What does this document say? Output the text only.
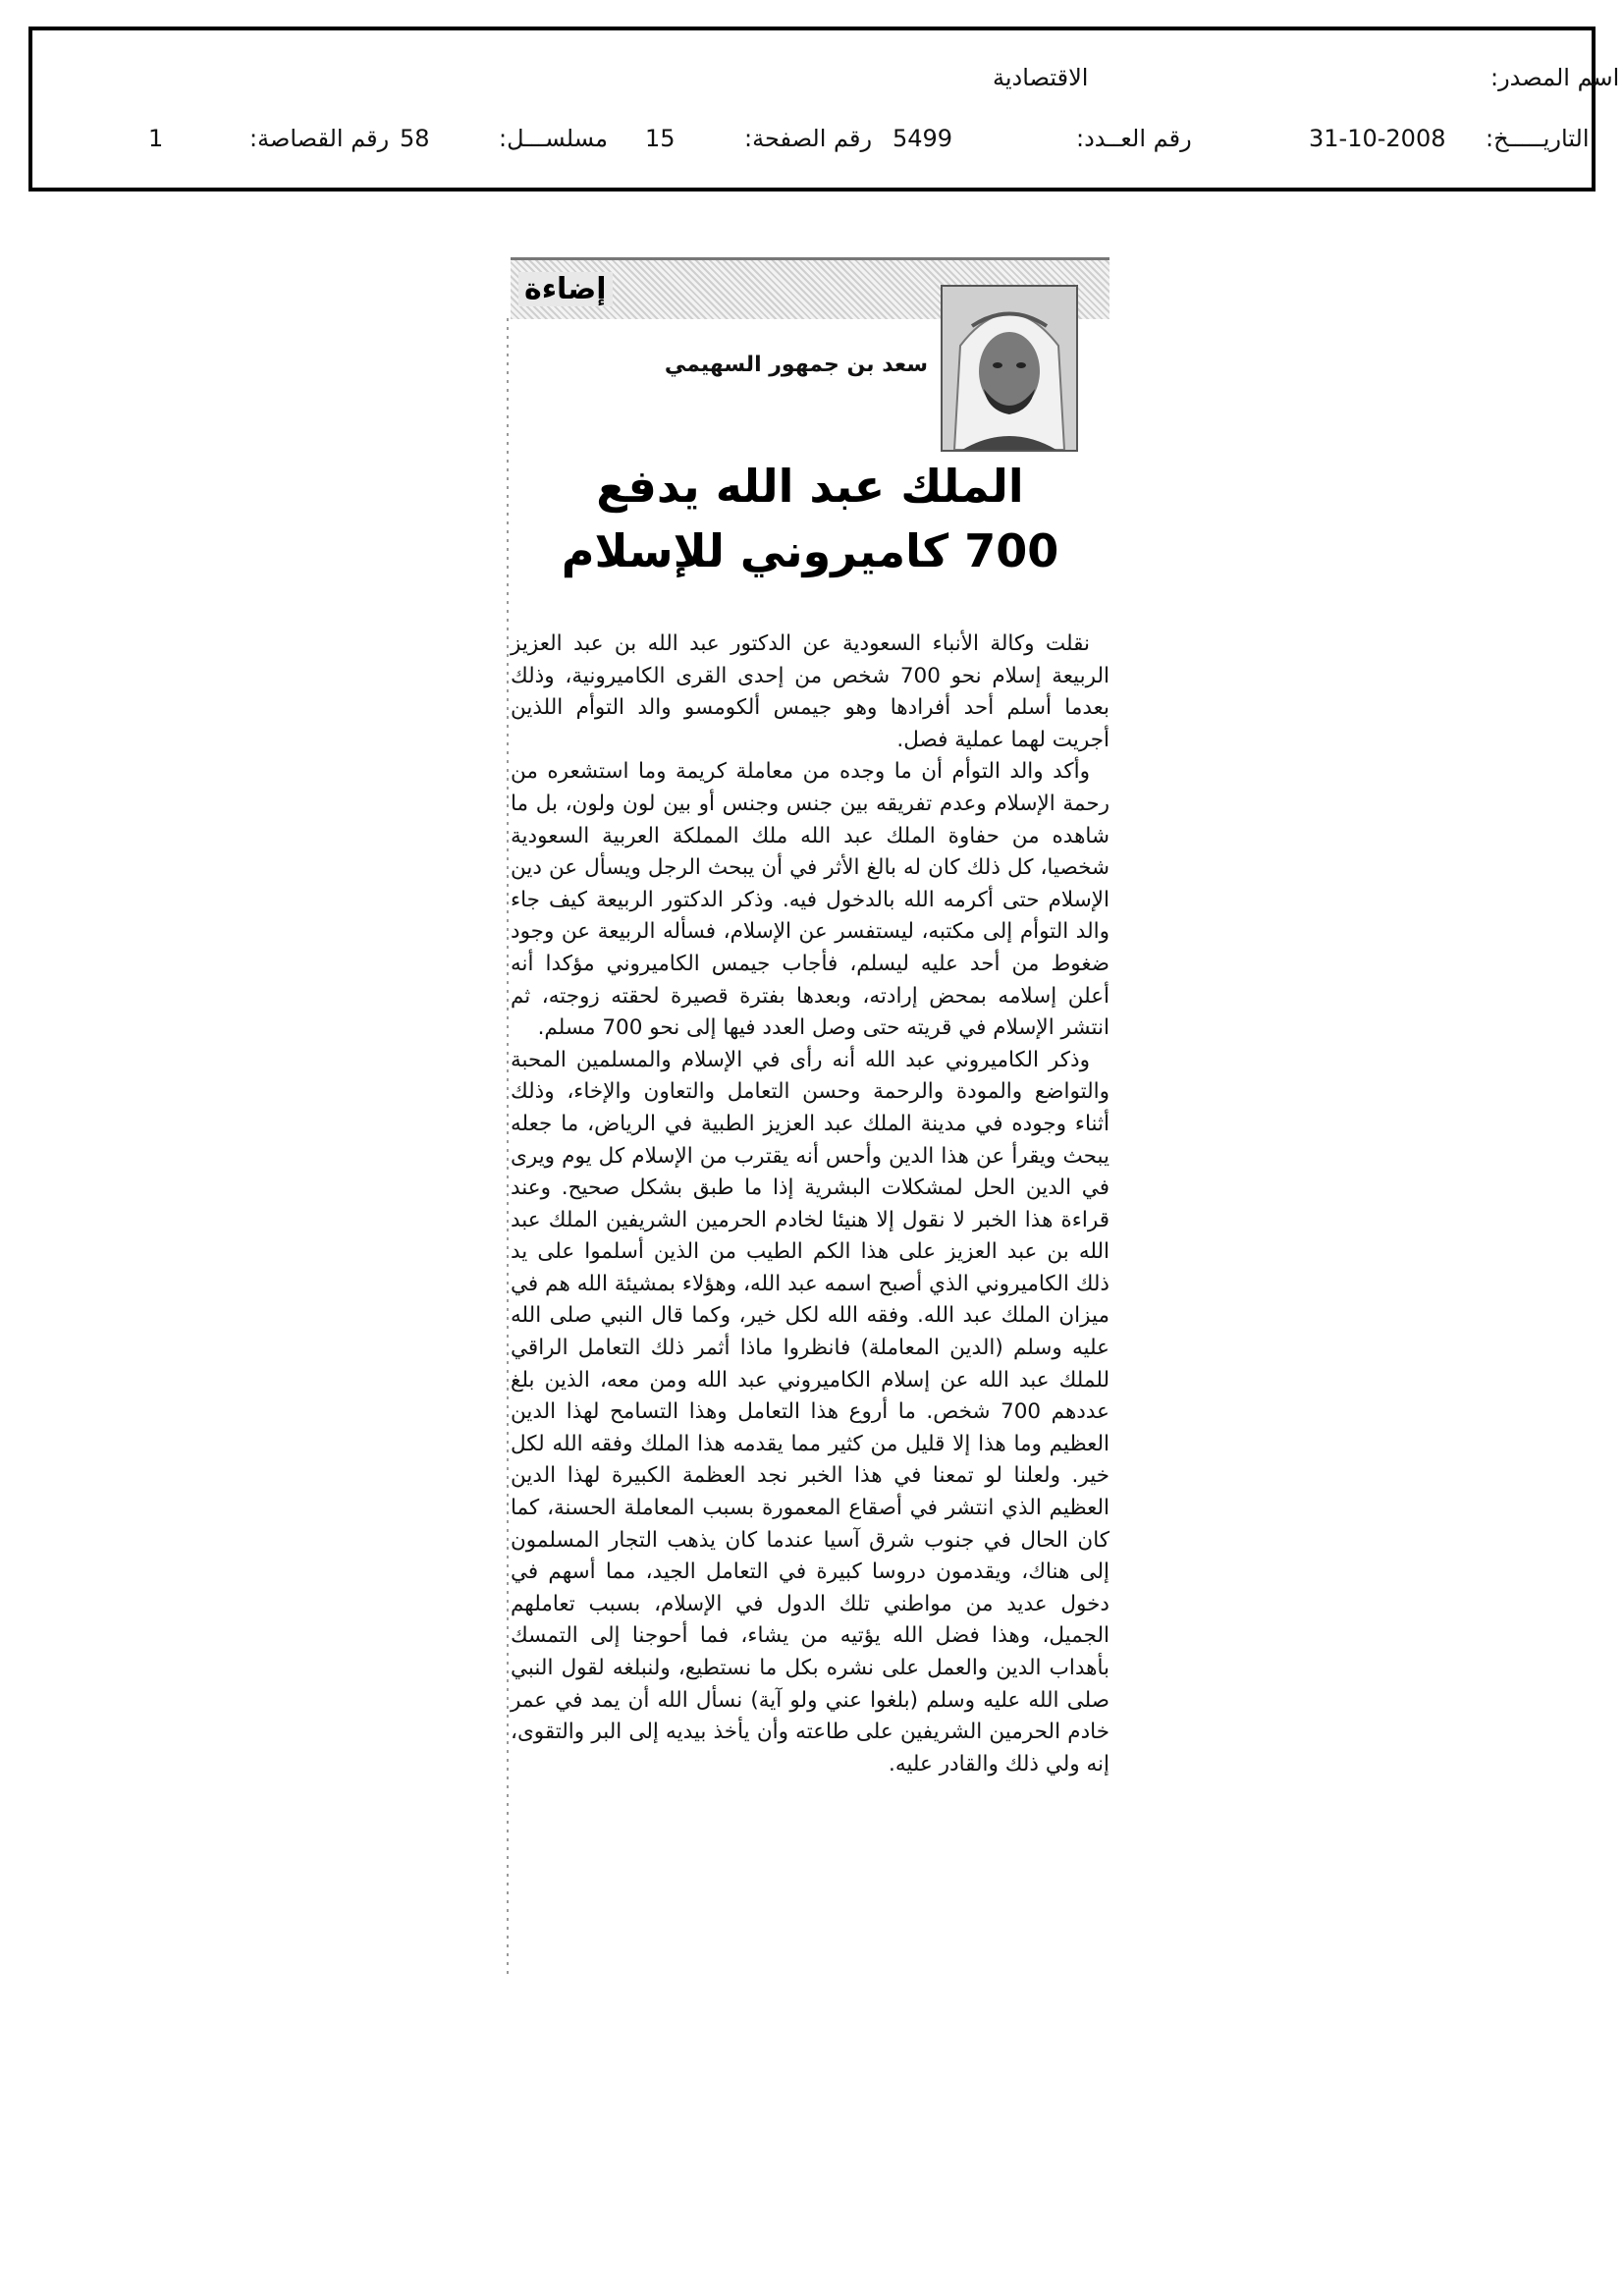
اسم المصدر:
الاقتصادية
التاريـــــخ:
31-10-2008
رقم العــدد:
5499
رقم الصفحة:
15
مسلســـل:
58
رقم القصاصة:
1
إضاءة
سعد بن جمهور السهيمي
الملك عبد الله يدفع
700 كاميروني للإسلام

نقلت وكالة الأنباء السعودية عن الدكتور عبد الله بن عبد العزيز الربيعة إسلام نحو 700 شخص من إحدى القرى الكاميرونية، وذلك بعدما أسلم أحد أفرادها وهو جيمس ألكومسو والد التوأم اللذين أجريت لهما عملية فصل.

وأكد والد التوأم أن ما وجده من معاملة كريمة وما استشعره من رحمة الإسلام وعدم تفريقه بين جنس وجنس أو بين لون ولون، بل ما شاهده من حفاوة الملك عبد الله ملك المملكة العربية السعودية شخصيا، كل ذلك كان له بالغ الأثر في أن يبحث الرجل ويسأل عن دين الإسلام حتى أكرمه الله بالدخول فيه. وذكر الدكتور الربيعة كيف جاء والد التوأم إلى مكتبه، ليستفسر عن الإسلام، فسأله الربيعة عن وجود ضغوط من أحد عليه ليسلم، فأجاب جيمس الكاميروني مؤكدا أنه أعلن إسلامه بمحض إرادته، وبعدها بفترة قصيرة لحقته زوجته، ثم انتشر الإسلام في قريته حتى وصل العدد فيها إلى نحو 700 مسلم.

وذكر الكاميروني عبد الله أنه رأى في الإسلام والمسلمين المحبة والتواضع والمودة والرحمة وحسن التعامل والتعاون والإخاء، وذلك أثناء وجوده في مدينة الملك عبد العزيز الطبية في الرياض، ما جعله يبحث ويقرأ عن هذا الدين وأحس أنه يقترب من الإسلام كل يوم ويرى في الدين الحل لمشكلات البشرية إذا ما طبق بشكل صحيح. وعند قراءة هذا الخبر لا نقول إلا هنيئا لخادم الحرمين الشريفين الملك عبد الله بن عبد العزيز على هذا الكم الطيب من الذين أسلموا على يد ذلك الكاميروني الذي أصبح اسمه عبد الله، وهؤلاء بمشيئة الله هم في ميزان الملك عبد الله. وفقه الله لكل خير، وكما قال النبي صلى الله عليه وسلم (الدين المعاملة) فانظروا ماذا أثمر ذلك التعامل الراقي للملك عبد الله عن إسلام الكاميروني عبد الله ومن معه، الذين بلغ عددهم 700 شخص. ما أروع هذا التعامل وهذا التسامح لهذا الدين العظيم وما هذا إلا قليل من كثير مما يقدمه هذا الملك وفقه الله لكل خير. ولعلنا لو تمعنا في هذا الخبر نجد العظمة الكبيرة لهذا الدين العظيم الذي انتشر في أصقاع المعمورة بسبب المعاملة الحسنة، كما كان الحال في جنوب شرق آسيا عندما كان يذهب التجار المسلمون إلى هناك، ويقدمون دروسا كبيرة في التعامل الجيد، مما أسهم في دخول عديد من مواطني تلك الدول في الإسلام، بسبب تعاملهم الجميل، وهذا فضل الله يؤتيه من يشاء، فما أحوجنا إلى التمسك بأهداب الدين والعمل على نشره بكل ما نستطيع، ولنبلغه لقول النبي صلى الله عليه وسلم (بلغوا عني ولو آية) نسأل الله أن يمد في عمر خادم الحرمين الشريفين على طاعته وأن يأخذ بيديه إلى البر والتقوى، إنه ولي ذلك والقادر عليه.
